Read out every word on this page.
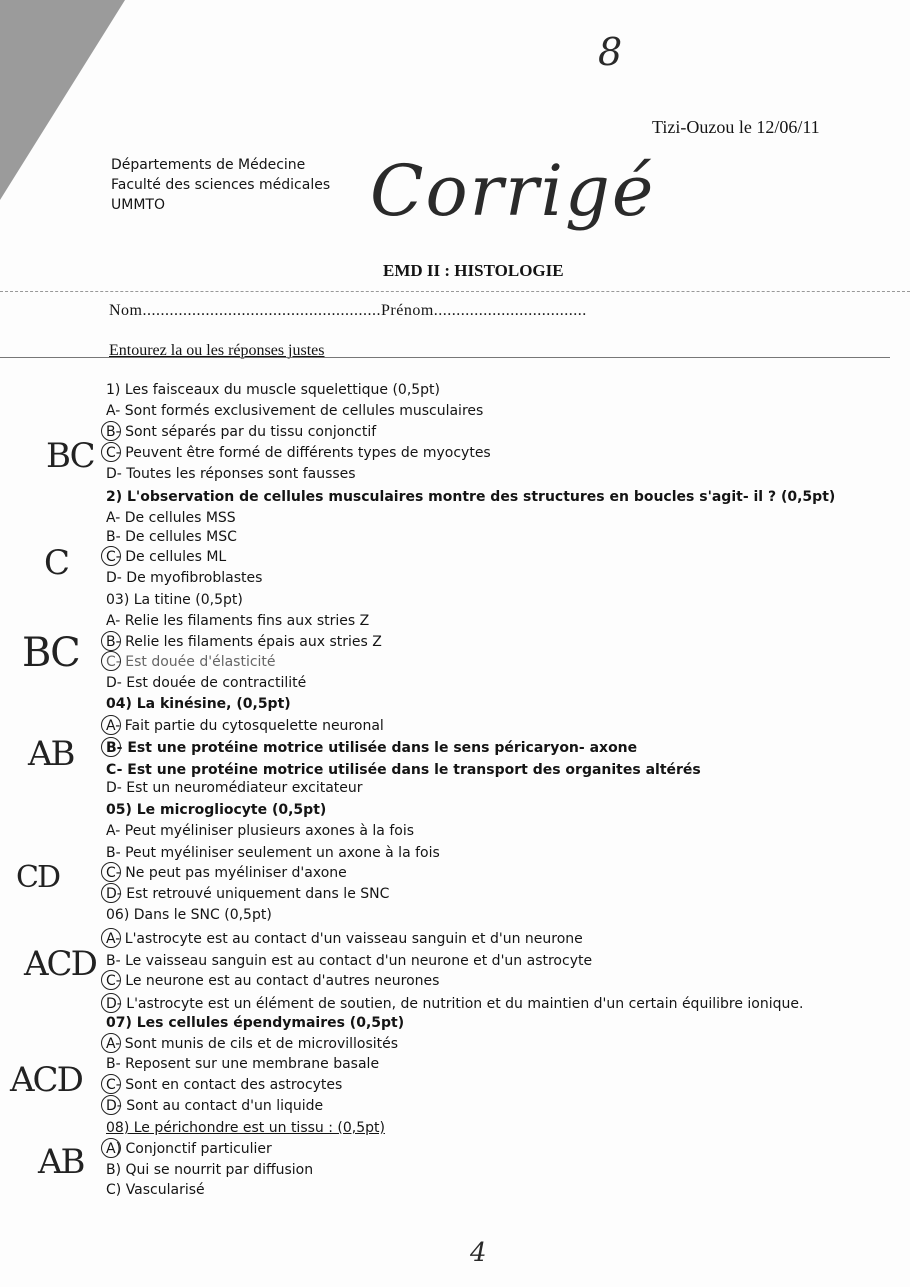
8
Tizi-Ouzou le 12/06/11
Départements de Médecine
Faculté des sciences médicales
UMMTO	Corrigé
EMD II : HISTOLOGIE
Nom.....................................................Prénom..................................
Entourez la ou les réponses justes
1) Les faisceaux du muscle squelettique (0,5pt)
A- Sont formés exclusivement de cellules musculaires
B- Sont séparés par du tissu conjonctif
C- Peuvent être formé de différents types de myocytes
D- Toutes les réponses sont fausses
2) L'observation de cellules musculaires montre des structures en boucles s'agit- il ? (0,5pt)
A- De cellules MSS
B- De cellules MSC
C- De cellules ML
D- De myofibroblastes
03) La titine (0,5pt)
A- Relie les filaments fins aux stries Z
B- Relie les filaments épais aux stries Z
C- Est douée d'élasticité
D- Est douée de contractilité
04) La kinésine, (0,5pt)
A- Fait partie du cytosquelette neuronal
B- Est une protéine motrice utilisée dans le sens péricaryon- axone
C- Est une protéine motrice utilisée dans le transport des organites altérés
D- Est un neuromédiateur excitateur
05) Le microgliocyte (0,5pt)
A- Peut myéliniser plusieurs axones à la fois
B- Peut myéliniser seulement un axone à la fois
C- Ne peut pas myéliniser d'axone
D- Est retrouvé uniquement dans le SNC
06) Dans le SNC (0,5pt)
A- L'astrocyte est au contact d'un vaisseau sanguin et d'un neurone
B- Le vaisseau sanguin est au contact d'un neurone et d'un astrocyte
C- Le neurone est au contact d'autres neurones
D- L'astrocyte est un élément de soutien, de nutrition et du maintien d'un certain équilibre ionique.
07) Les cellules épendymaires (0,5pt)
A- Sont munis de cils et de microvillosités
B- Reposent sur une membrane basale
C- Sont en contact des astrocytes
D- Sont au contact d'un liquide
08) Le périchondre est un tissu : (0,5pt)
A) Conjonctif particulier
B) Qui se nourrit par diffusion
C) Vascularisé
BC
C
BC
AB
CD
ACD
ACD
AB
4
